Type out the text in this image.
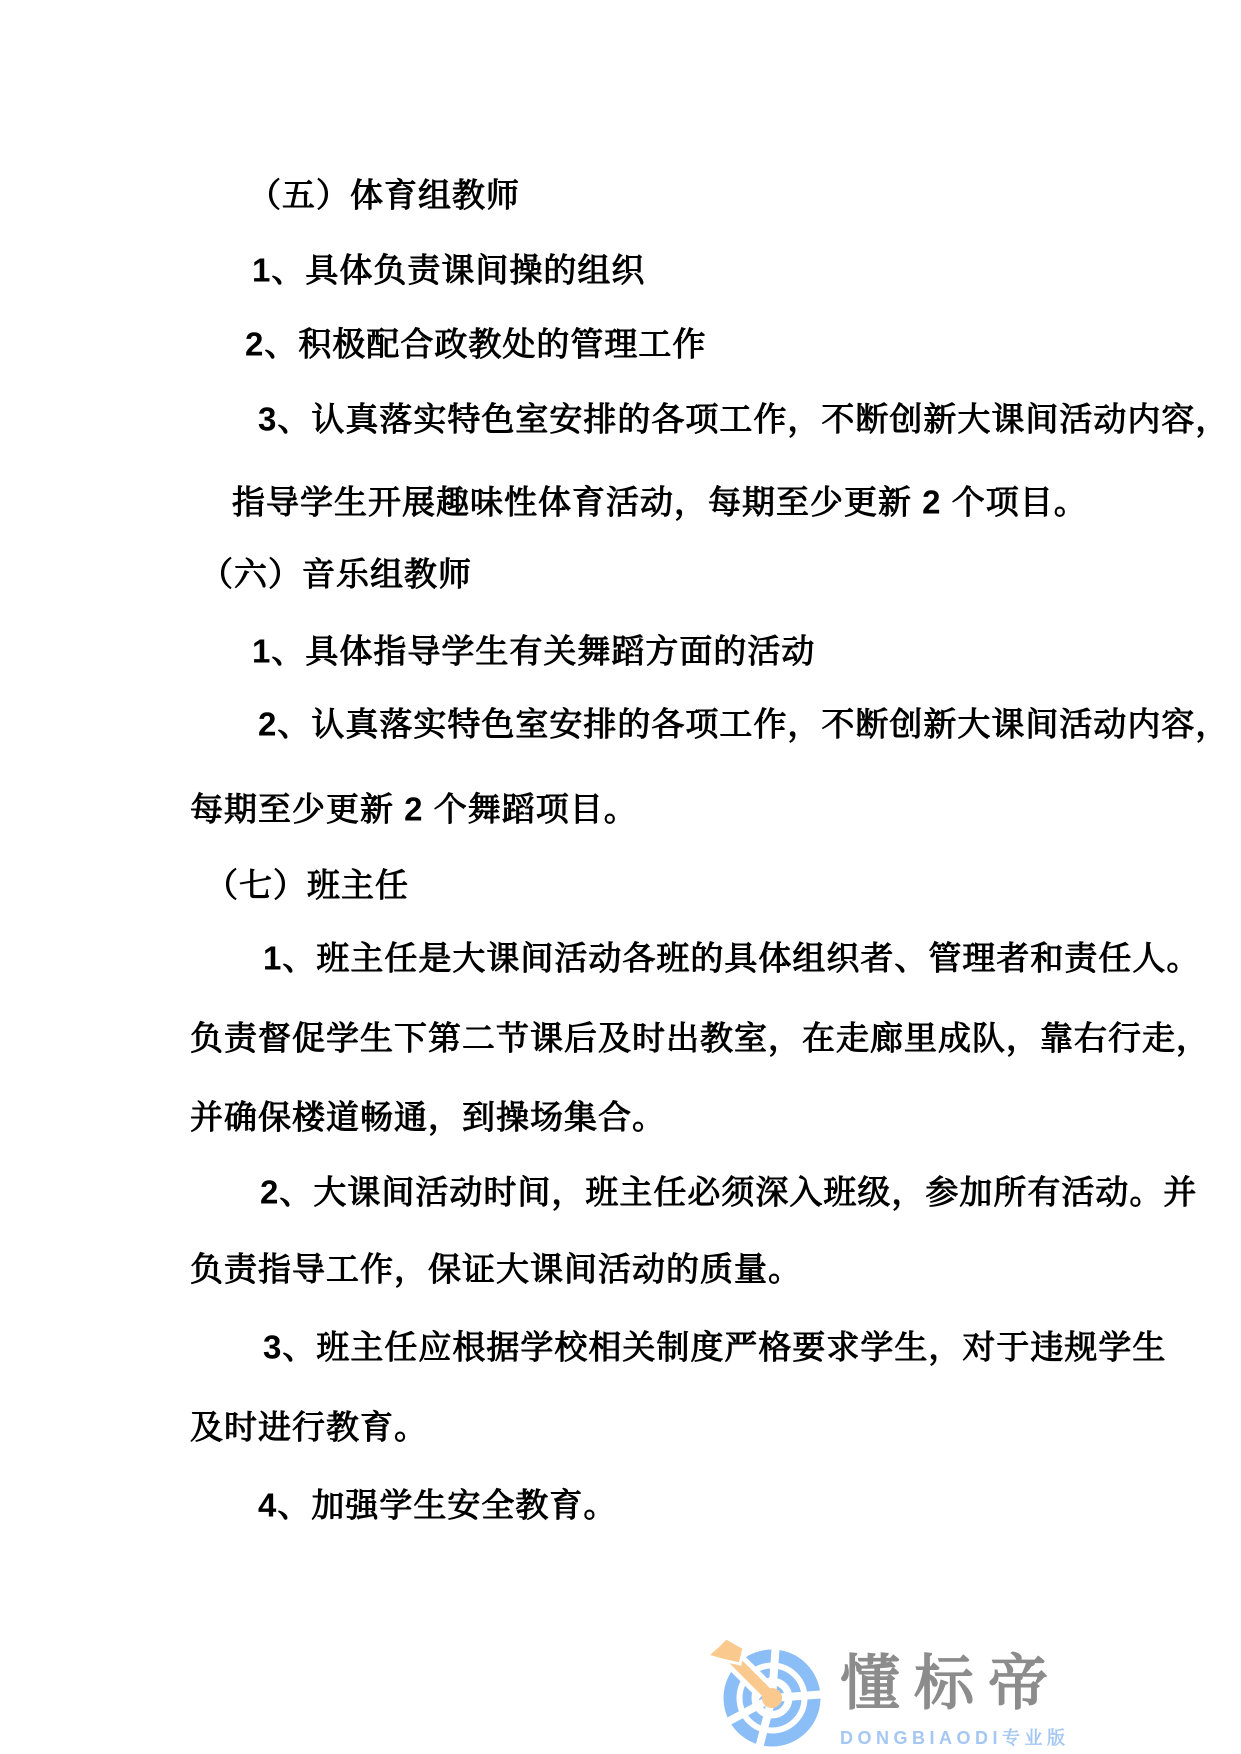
（五）体育组教师
1、具体负责课间操的组织
2、积极配合政教处的管理工作
3、认真落实特色室安排的各项工作，不断创新大课间活动内容，
指导学生开展趣味性体育活动，每期至少更新 2 个项目。
（六）音乐组教师
1、具体指导学生有关舞蹈方面的活动
2、认真落实特色室安排的各项工作，不断创新大课间活动内容，
每期至少更新 2 个舞蹈项目。
（七）班主任
1、班主任是大课间活动各班的具体组织者、管理者和责任人。
负责督促学生下第二节课后及时出教室，在走廊里成队，靠右行走，
并确保楼道畅通，到操场集合。
2、大课间活动时间，班主任必须深入班级，参加所有活动。并
负责指导工作，保证大课间活动的质量。
3、班主任应根据学校相关制度严格要求学生，对于违规学生
及时进行教育。
4、加强学生安全教育。
懂标帝
DONGBIAODI专业版
